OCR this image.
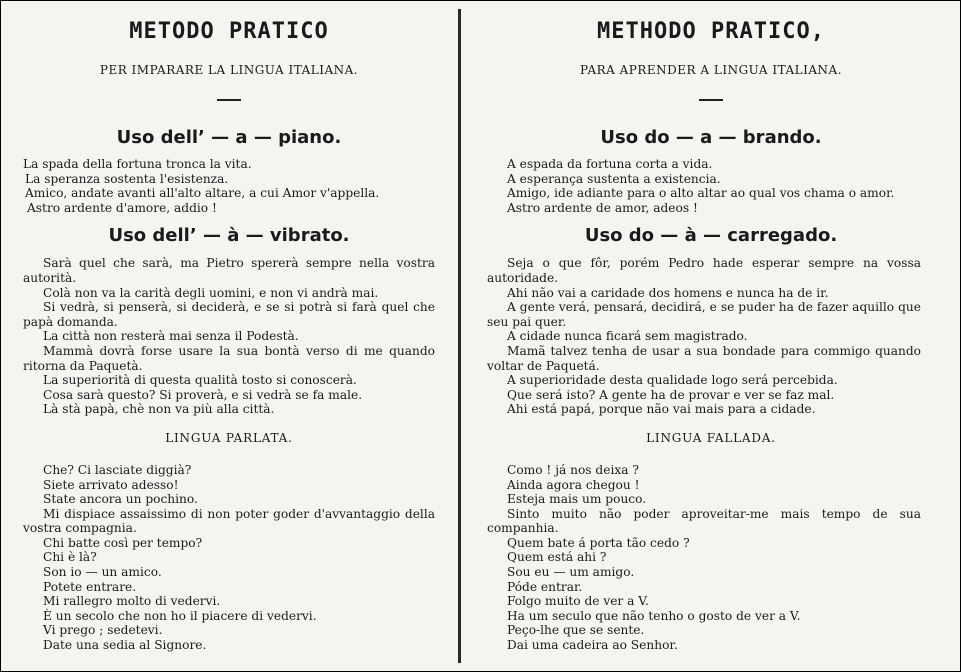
METODO PRATICO
PER IMPARARE LA LINGUA ITALIANA.
Uso dell’ — a — piano.
La spada della fortuna tronca la vita.
La speranza sostenta l'esistenza.
Amico, andate avanti all'alto altare, a cui Amor v'appella.
Astro ardente d'amore, addio !
Uso dell’ — à — vibrato.
Sarà quel che sarà, ma Pietro spererà sempre nella vostra autorità.
Colà non va la carità degli uomini, e non vi andrà mai.
Si vedrà, si penserà, si deciderà, e se si potrà si farà quel che papà domanda.
La città non resterà mai senza il Podestà.
Mammà dovrà forse usare la sua bontà verso di me quando ritorna da Paquetà.
La superiorità di questa qualità tosto si conoscerà.
Cosa sarà questo? Si proverà, e si vedrà se fa male.
Là stà papà, chè non va più alla città.
LINGUA PARLATA.
Che? Ci lasciate diggià?
Siete arrivato adesso!
State ancora un pochino.
Mi dispiace assaissimo di non poter goder d'avvantaggio della vostra compagnia.
Chi batte così per tempo?
Chi è là?
Son io — un amico.
Potete entrare.
Mi rallegro molto di vedervi.
È un secolo che non ho il piacere di vedervi.
Vi prego ; sedetevi.
Date una sedia al Signore.
METHODO PRATICO,
PARA APRENDER A LINGUA ITALIANA.
Uso do — a — brando.
A espada da fortuna corta a vida.
A esperança sustenta a existencia.
Amigo, ide adiante para o alto altar ao qual vos chama o amor.
Astro ardente de amor, adeos !
Uso do — à — carregado.
Seja o que fôr, porém Pedro hade esperar sempre na vossa autoridade.
Ahi não vai a caridade dos homens e nunca ha de ir.
A gente verá, pensará, decidirá, e se puder ha de fazer aquillo que seu pai quer.
A cidade nunca ficará sem magistrado.
Mamã talvez tenha de usar a sua bondade para commigo quando voltar de Paquetá.
A superioridade desta qualidade logo será percebida.
Que será isto? A gente ha de provar e ver se faz mal.
Ahi está papá, porque não vai mais para a cidade.
LINGUA FALLADA.
Como ! já nos deixa ?
Ainda agora chegou !
Esteja mais um pouco.
Sinto muito não poder aproveitar-me mais tempo de sua companhia.
Quem bate á porta tão cedo ?
Quem está ahi ?
Sou eu — um amigo.
Póde entrar.
Folgo muito de ver a V.
Ha um seculo que não tenho o gosto de ver a V.
Peço-lhe que se sente.
Dai uma cadeira ao Senhor.
